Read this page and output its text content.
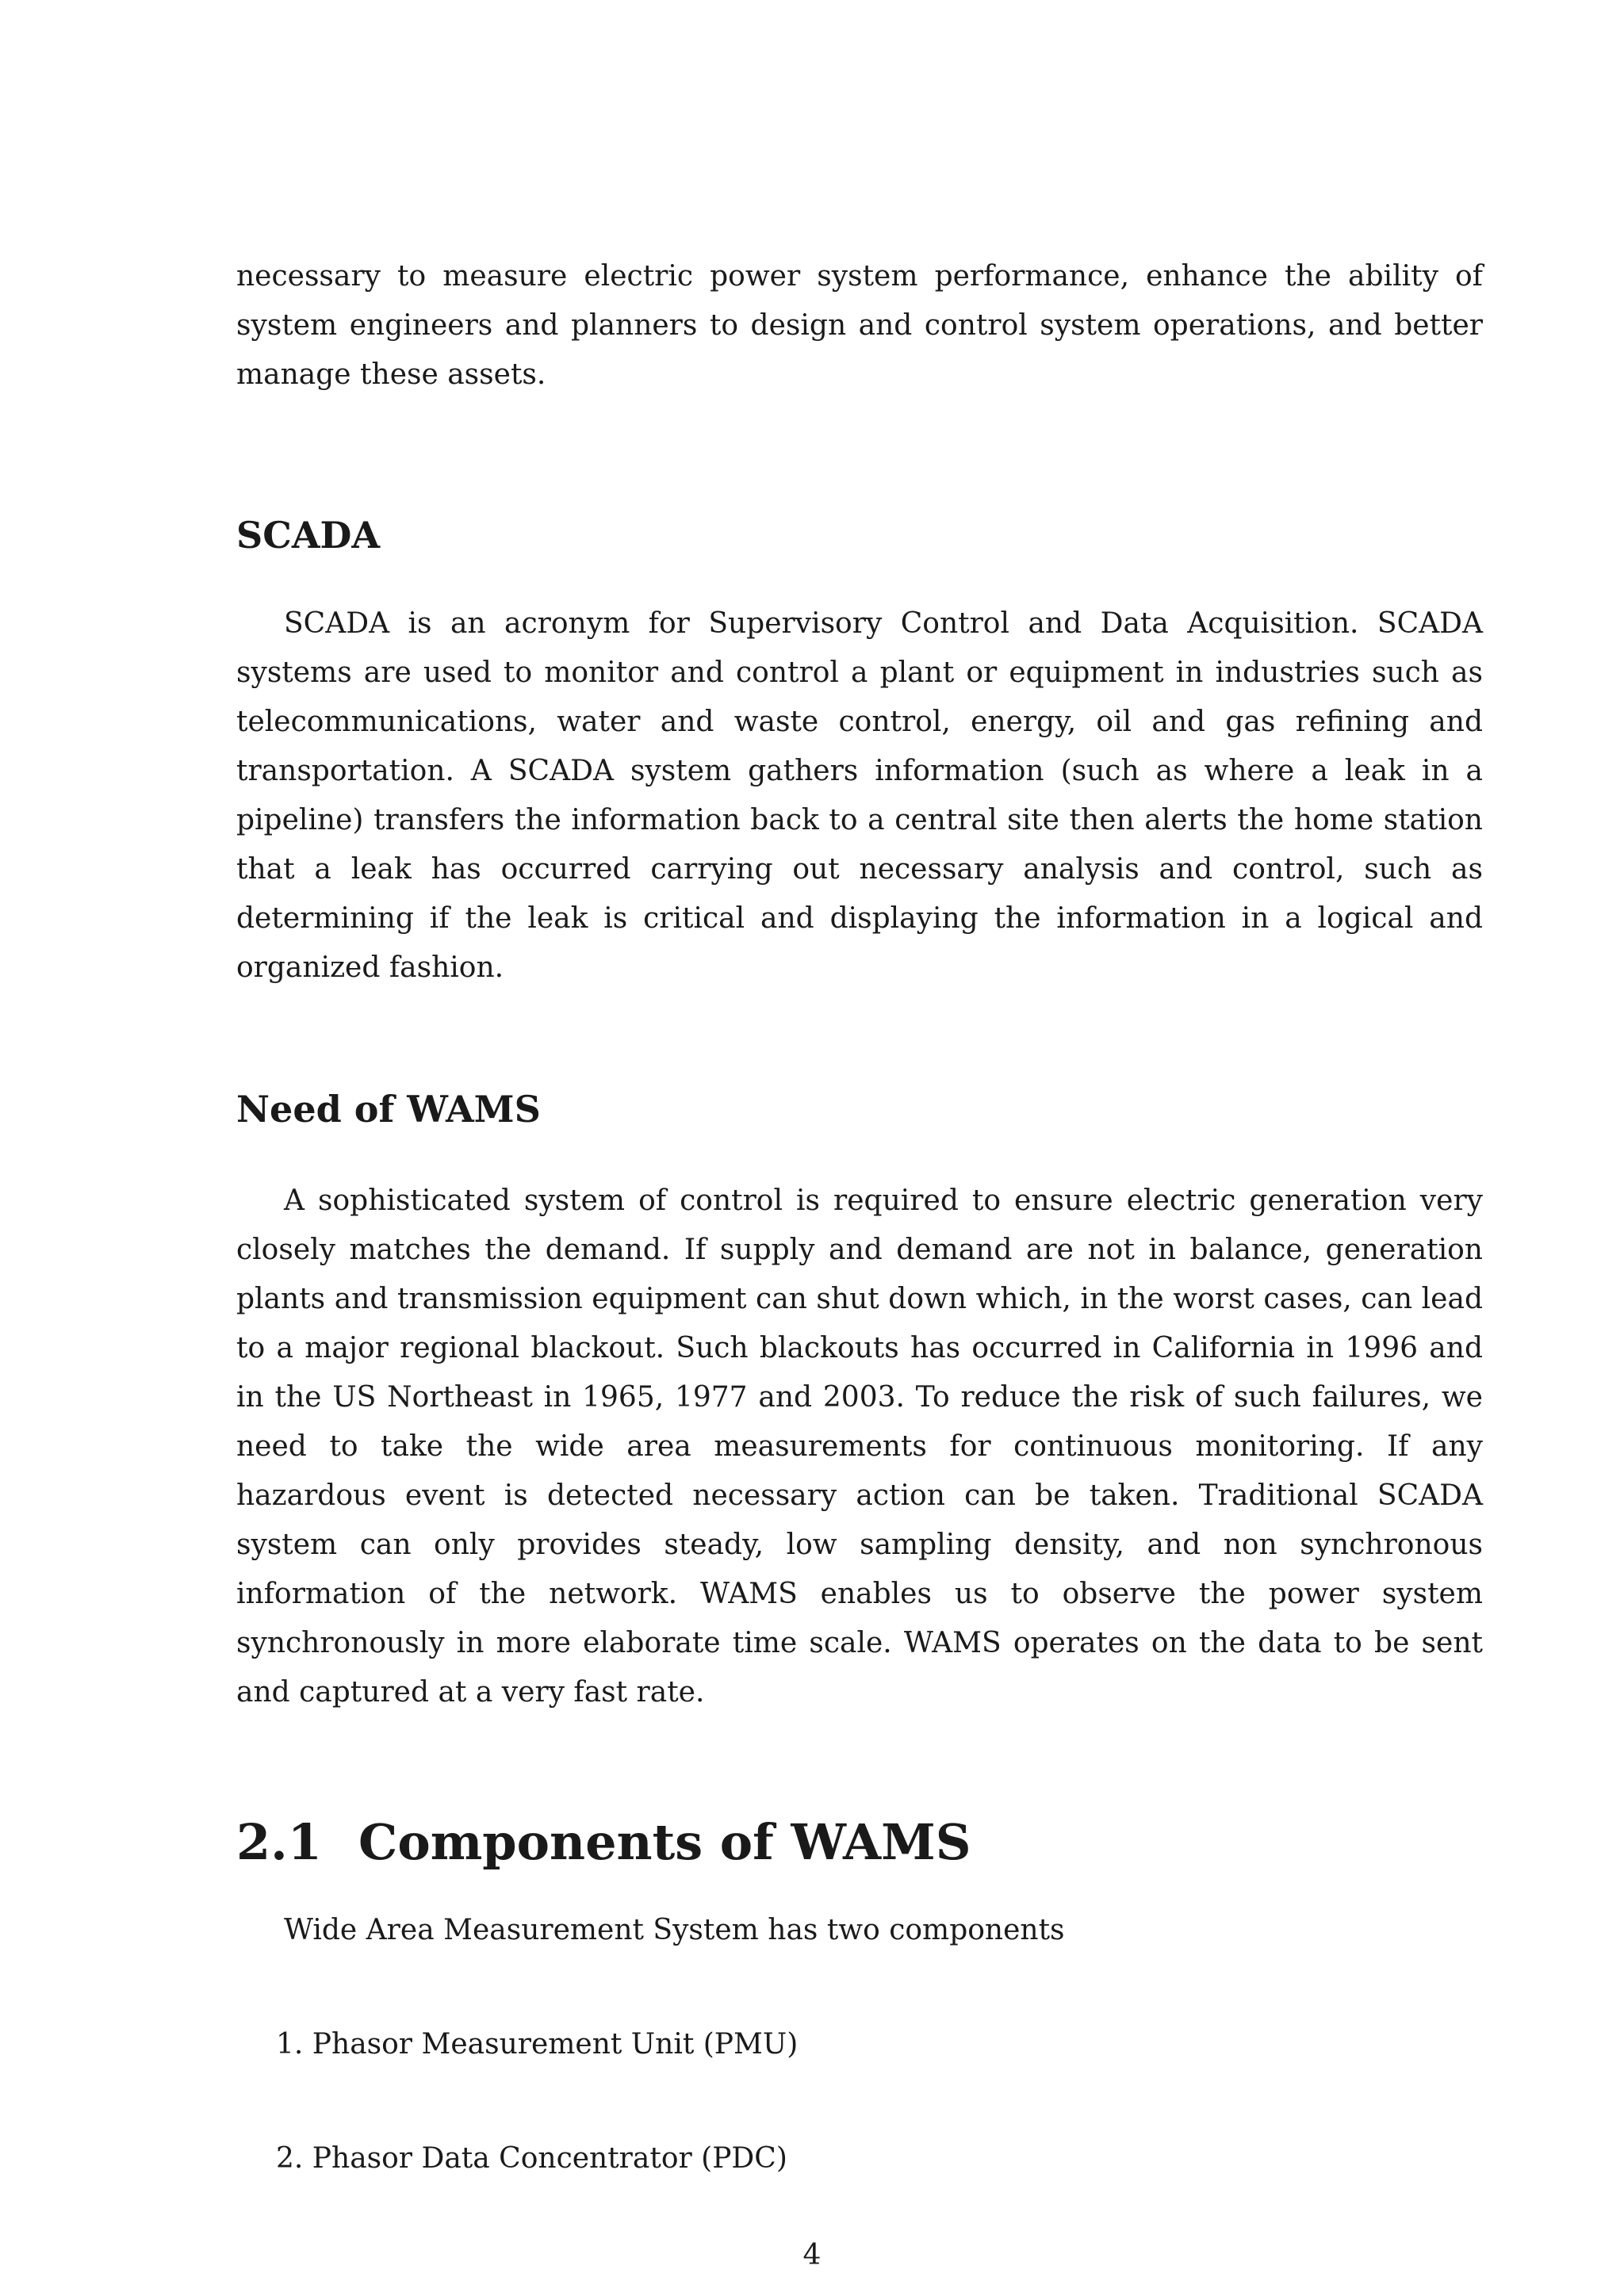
necessary to measure electric power system performance, enhance the ability of system engineers and planners to design and control system operations, and better manage these assets.

SCADA

SCADA is an acronym for Supervisory Control and Data Acquisition. SCADA systems are used to monitor and control a plant or equipment in industries such as telecommunications, water and waste control, energy, oil and gas refining and transportation. A SCADA system gathers information (such as where a leak in a pipeline) transfers the information back to a central site then alerts the home station that a leak has occurred carrying out necessary analysis and control, such as determining if the leak is critical and displaying the information in a logical and organized fashion.

Need of WAMS

A sophisticated system of control is required to ensure electric generation very closely matches the demand. If supply and demand are not in balance, generation plants and transmission equipment can shut down which, in the worst cases, can lead to a major regional blackout. Such blackouts has occurred in California in 1996 and in the US Northeast in 1965, 1977 and 2003. To reduce the risk of such failures, we need to take the wide area measurements for continuous monitoring. If any hazardous event is detected necessary action can be taken. Traditional SCADA system can only provides steady, low sampling density, and non synchronous information of the network. WAMS enables us to observe the power system synchronously in more elaborate time scale. WAMS operates on the data to be sent and captured at a very fast rate.

2.1 Components of WAMS

Wide Area Measurement System has two components

1. Phasor Measurement Unit (PMU)
2. Phasor Data Concentrator (PDC)
4
